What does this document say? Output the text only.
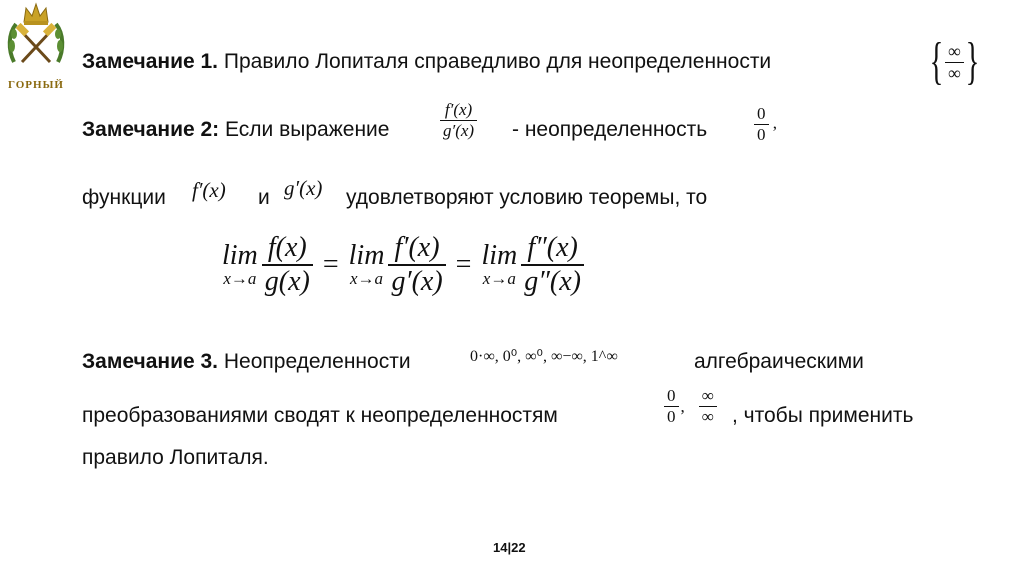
ГОРНЫЙ
Замечание 1. Правило Лопиталя справедливо для неопределенности	{ $\frac{\infty}{\infty}$ }
Замечание 2: Если выражение	$\frac{f'(x)}{g'(x)}$ - неопределенность	$\frac{0}{0}$ ,
функции f′(x) и g′(x) удовлетворяют условию теоремы, то
lim
$x\to a \frac{f(x)}{g(x)} = \lim$
$x\to a \frac{f'(x)}{g'(x)} = \lim$
$x\to a \frac{f''(x)}{g''(x)}$
Замечание 3. Неопределенности	0·∞, 0⁰, ∞⁰, ∞−∞, 1^∞	алгебраическими
преобразованиями сводят к неопределенностям	$\frac{0}{0}$ , $\frac{\infty}{\infty}$ , чтобы применить
правило Лопиталя.
14|22
